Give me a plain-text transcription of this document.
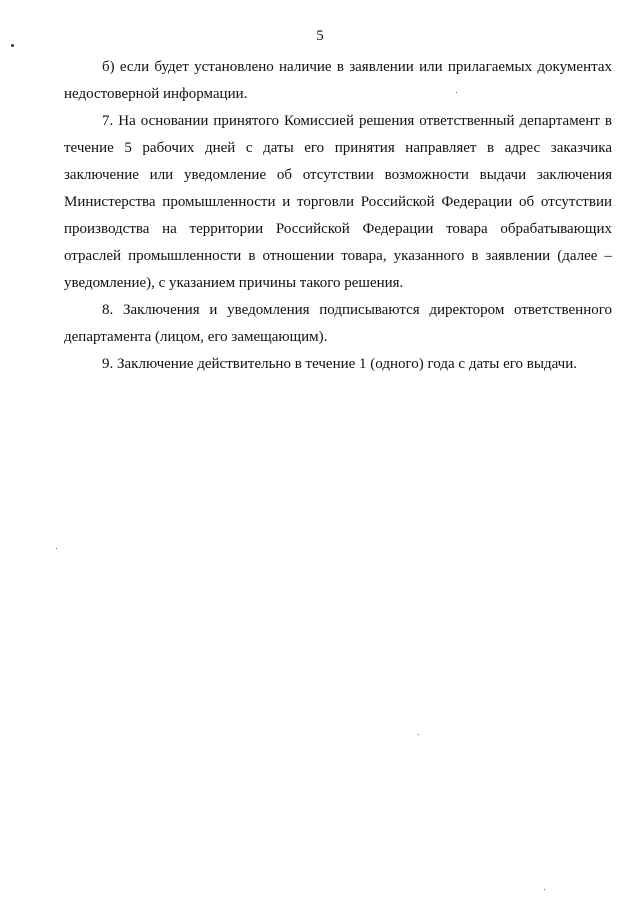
5

б) если будет установлено наличие в заявлении или прилагаемых документах недостоверной информации.

7. На основании принятого Комиссией решения ответственный департамент в течение 5 рабочих дней с даты его принятия направляет в адрес заказчика заключение или уведомление об отсутствии возможности выдачи заключения Министерства промышленности и торговли Российской Федерации об отсутствии производства на территории Российской Федерации товара обрабатывающих отраслей промышленности в отношении товара, указанного в заявлении (далее – уведомление), с указанием причины такого решения.

8. Заключения и уведомления подписываются директором ответственного департамента (лицом, его замещающим).

9. Заключение действительно в течение 1 (одного) года с даты его выдачи.
